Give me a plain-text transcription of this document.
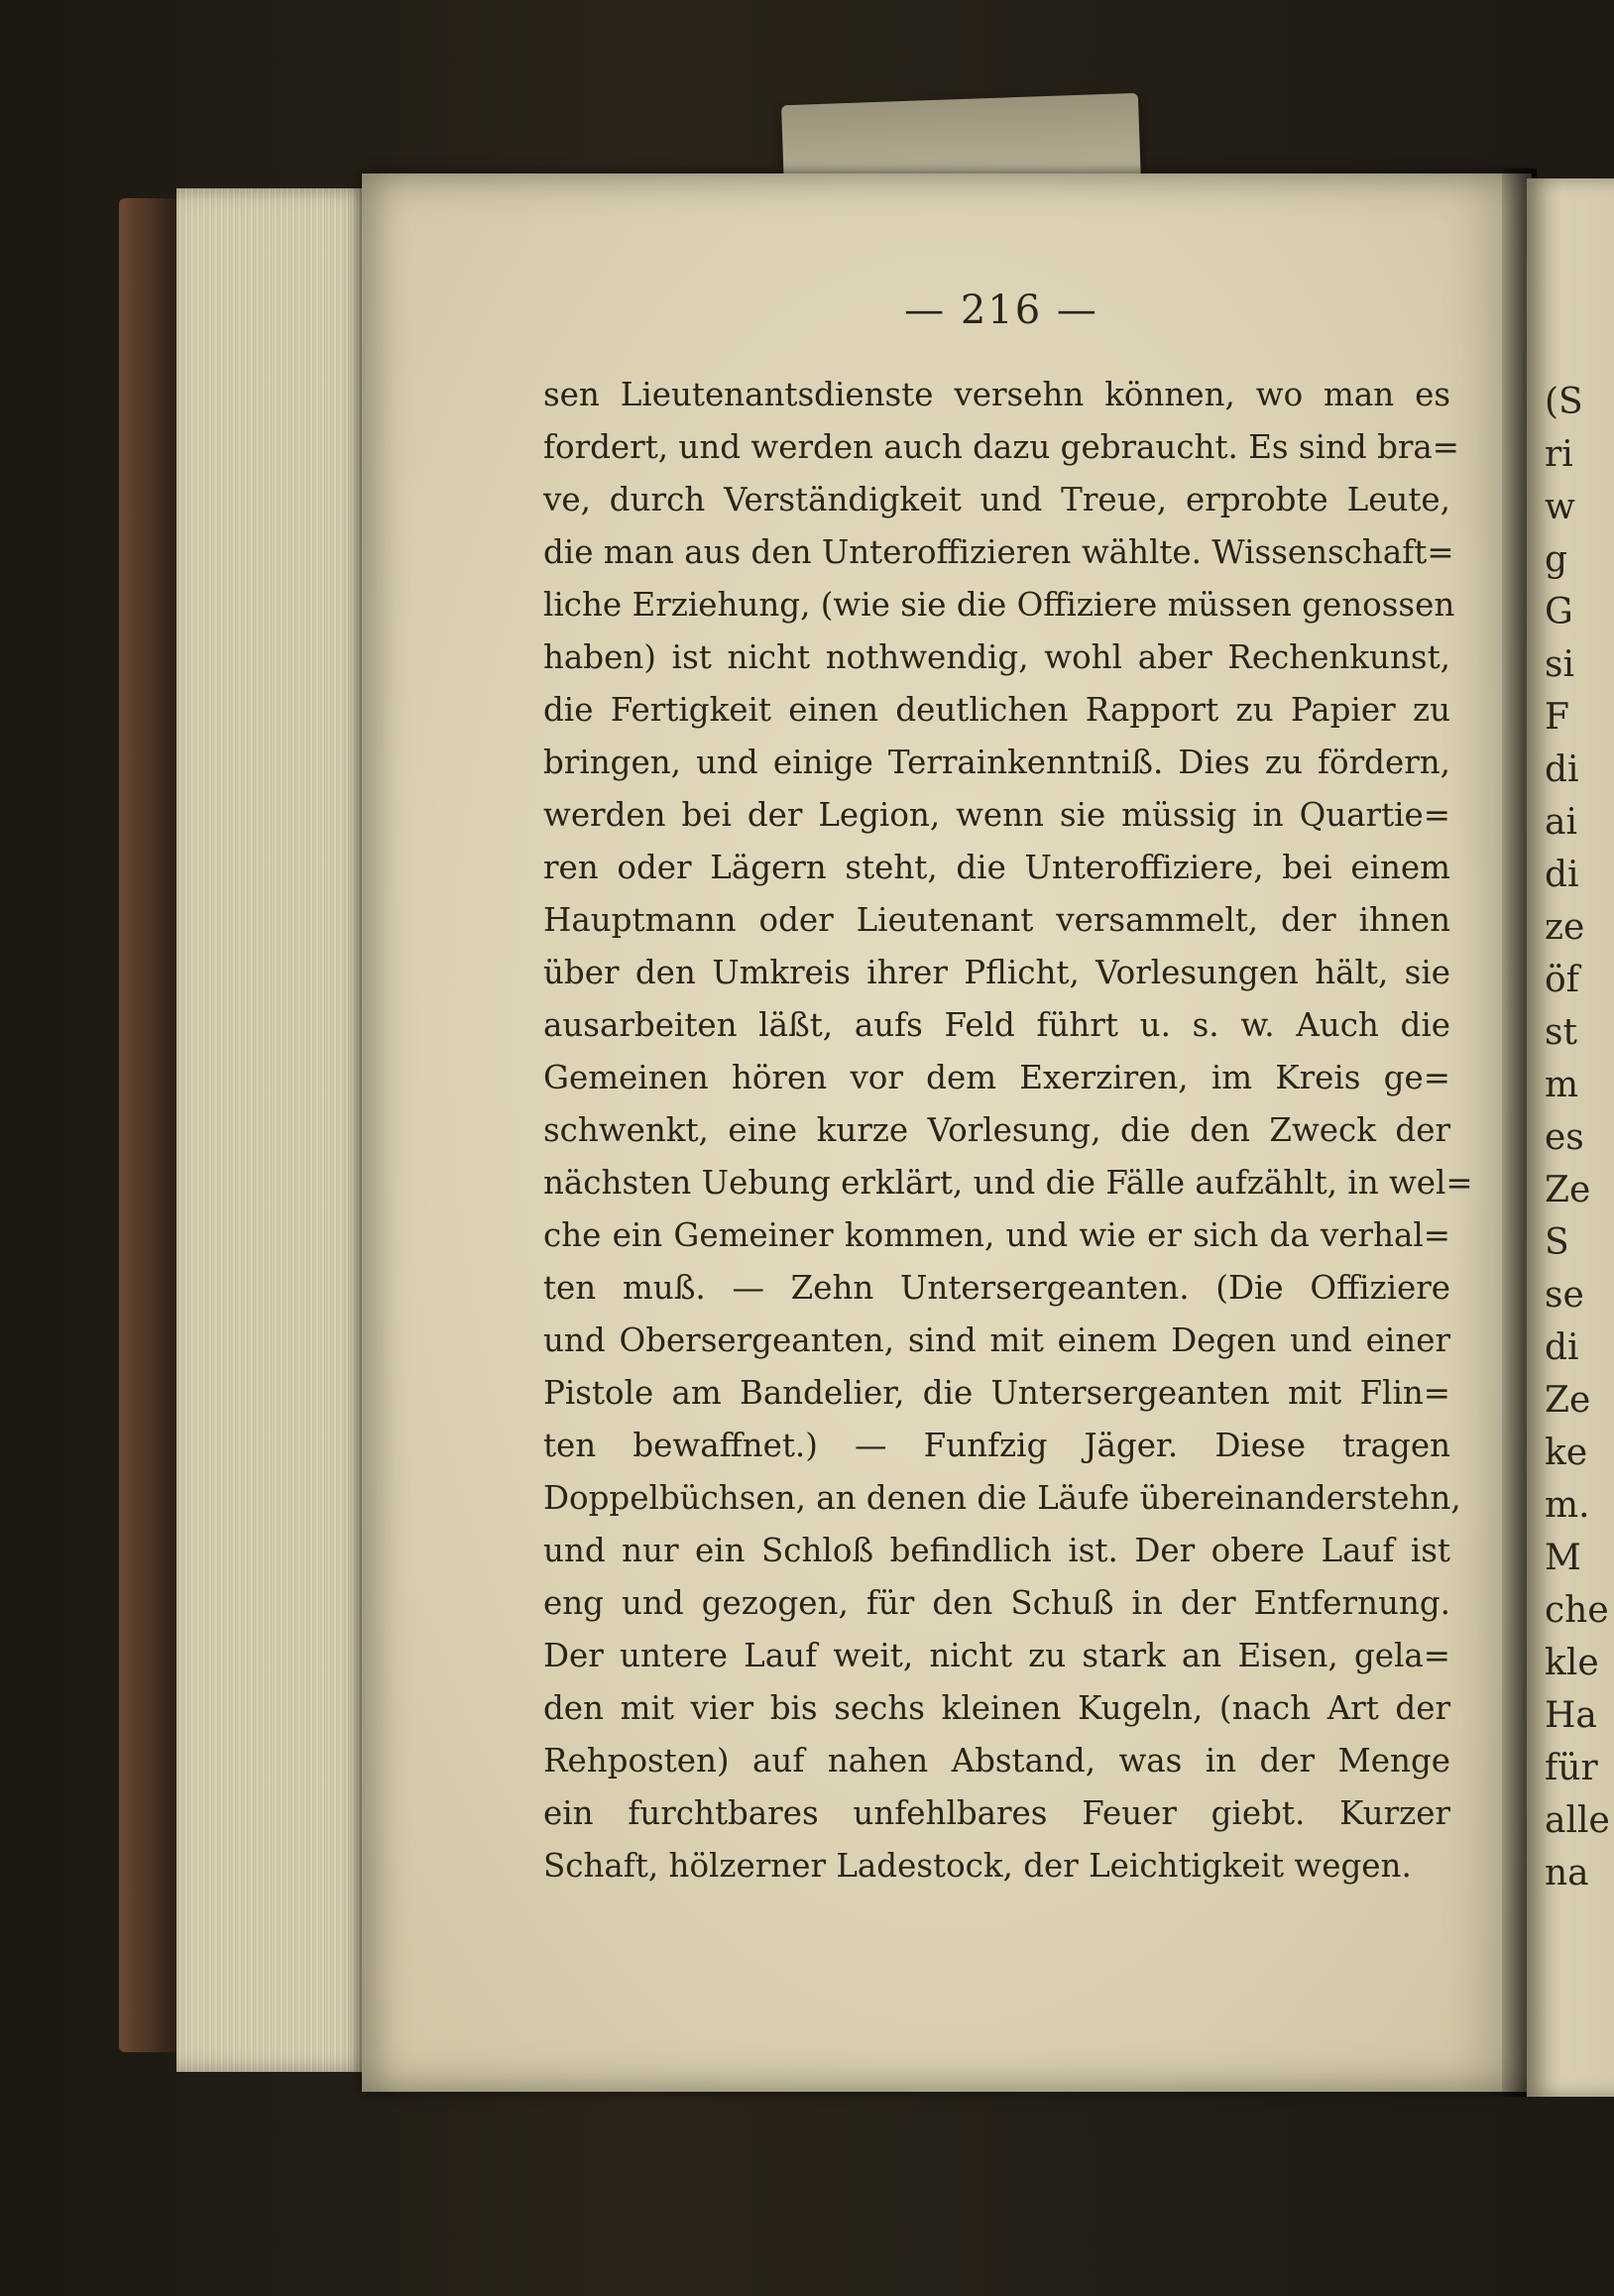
— 216 —
sen Lieutenantsdienste versehn können, wo man es
fordert, und werden auch dazu gebraucht. Es sind bra=
ve, durch Verständigkeit und Treue, erprobte Leute,
die man aus den Unteroffizieren wählte. Wissenschaft=
liche Erziehung, (wie sie die Offiziere müssen genossen
haben) ist nicht nothwendig, wohl aber Rechenkunst,
die Fertigkeit einen deutlichen Rapport zu Papier zu
bringen, und einige Terrainkenntniß. Dies zu fördern,
werden bei der Legion, wenn sie müssig in Quartie=
ren oder Lägern steht, die Unteroffiziere, bei einem
Hauptmann oder Lieutenant versammelt, der ihnen
über den Umkreis ihrer Pflicht, Vorlesungen hält, sie
ausarbeiten läßt, aufs Feld führt u. s. w. Auch die
Gemeinen hören vor dem Exerziren, im Kreis ge=
schwenkt, eine kurze Vorlesung, die den Zweck der
nächsten Uebung erklärt, und die Fälle aufzählt, in wel=
che ein Gemeiner kommen, und wie er sich da verhal=
ten muß. — Zehn Untersergeanten. (Die Offiziere
und Obersergeanten, sind mit einem Degen und einer
Pistole am Bandelier, die Untersergeanten mit Flin=
ten bewaffnet.) — Funfzig Jäger. Diese tragen
Doppelbüchsen, an denen die Läufe übereinanderstehn,
und nur ein Schloß befindlich ist. Der obere Lauf ist
eng und gezogen, für den Schuß in der Entfernung.
Der untere Lauf weit, nicht zu stark an Eisen, gela=
den mit vier bis sechs kleinen Kugeln, (nach Art der
Rehposten) auf nahen Abstand, was in der Menge
ein furchtbares unfehlbares Feuer giebt. Kurzer
Schaft, hölzerner Ladestock, der Leichtigkeit wegen.
(S
ri
w
g
G
si
F
di
ai
di
ze
öf
st
m
es
Ze
S
se
di
Ze
ke
m.
M
che
kle
Ha
für
alle
na
